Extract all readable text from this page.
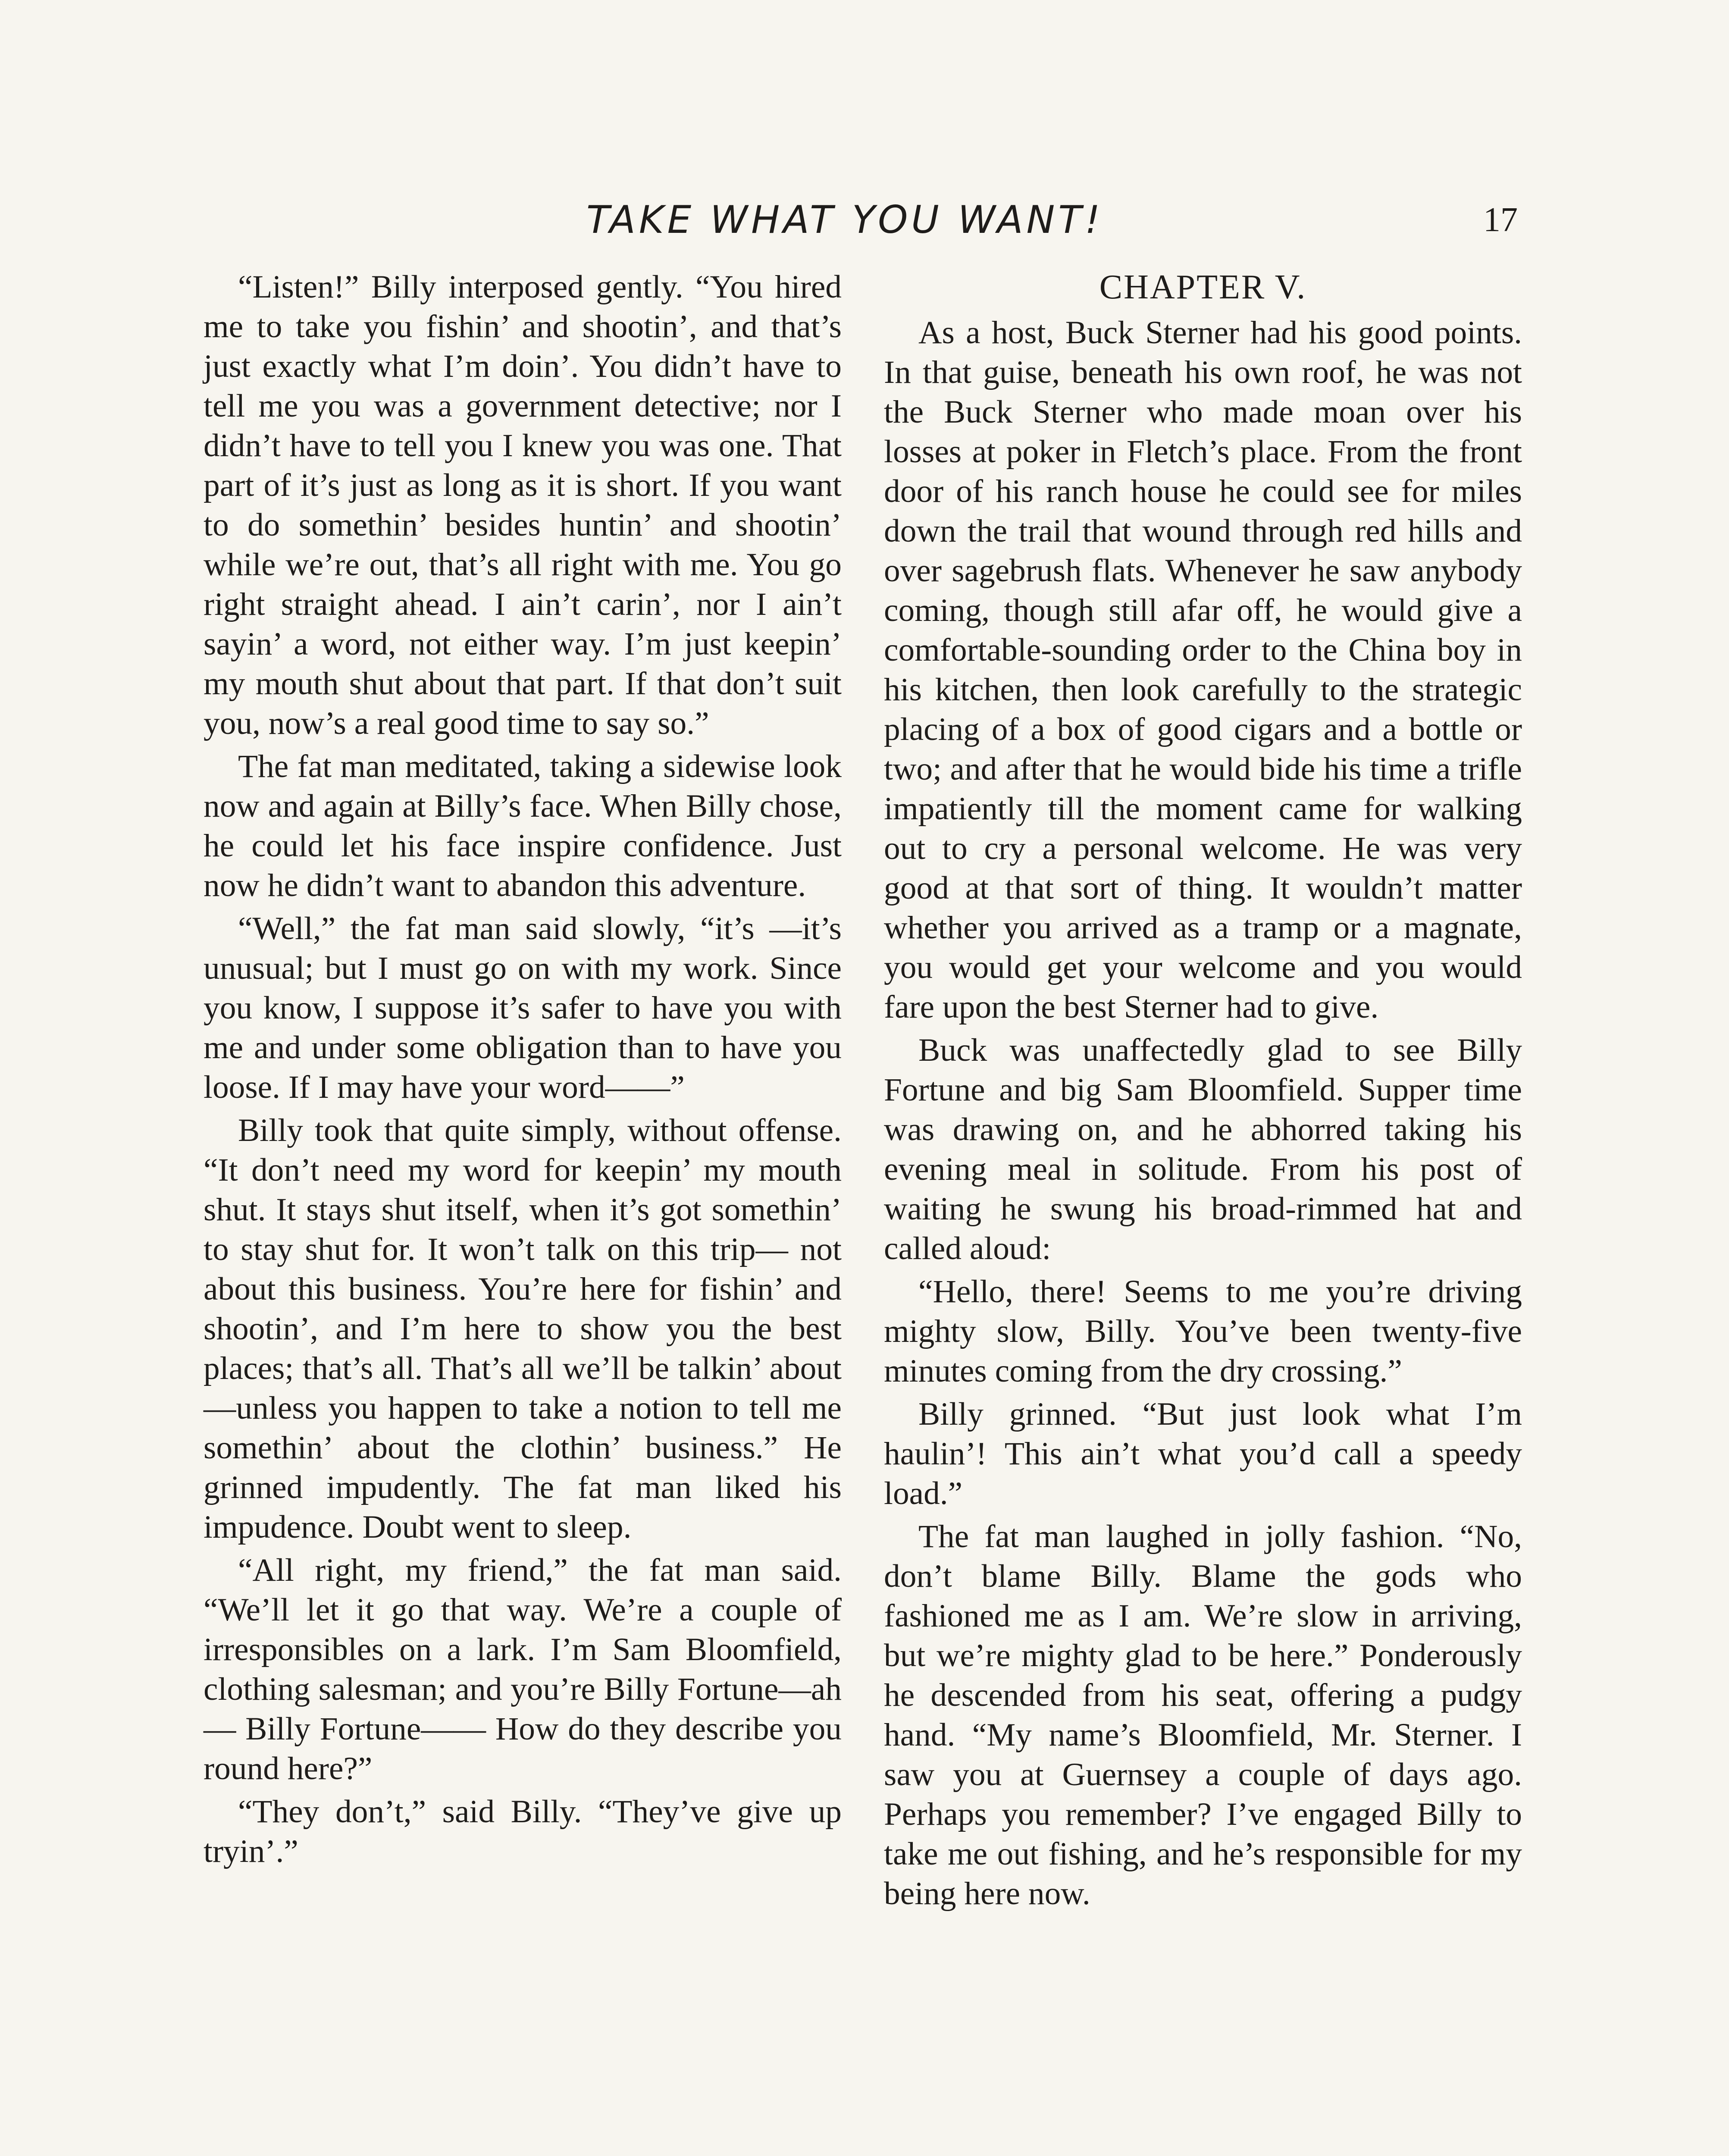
TAKE WHAT YOU WANT!	17

“Listen!” Billy interposed gently. “You hired me to take you fishin’ and shootin’, and that’s just exactly what I’m doin’. You didn’t have to tell me you was a government detective; nor I didn’t have to tell you I knew you was one. That part of it’s just as long as it is short. If you want to do somethin’ besides huntin’ and shootin’ while we’re out, that’s all right with me. You go right straight ahead. I ain’t carin’, nor I ain’t sayin’ a word, not either way. I’m just keepin’ my mouth shut about that part. If that don’t suit you, now’s a real good time to say so.”

The fat man meditated, taking a sidewise look now and again at Billy’s face. When Billy chose, he could let his face inspire confidence. Just now he didn’t want to abandon this adventure.

“Well,” the fat man said slowly, “it’s —it’s unusual; but I must go on with my work. Since you know, I suppose it’s safer to have you with me and under some obligation than to have you loose. If I may have your word——”

Billy took that quite simply, without offense. “It don’t need my word for keepin’ my mouth shut. It stays shut itself, when it’s got somethin’ to stay shut for. It won’t talk on this trip— not about this business. You’re here for fishin’ and shootin’, and I’m here to show you the best places; that’s all. That’s all we’ll be talkin’ about—unless you happen to take a notion to tell me somethin’ about the clothin’ business.” He grinned impudently. The fat man liked his impudence. Doubt went to sleep.

“All right, my friend,” the fat man said. “We’ll let it go that way. We’re a couple of irresponsibles on a lark. I’m Sam Bloomfield, clothing salesman; and you’re Billy Fortune—ah— Billy Fortune—— How do they describe you round here?”

“They don’t,” said Billy. “They’ve give up tryin’.”

CHAPTER V.

As a host, Buck Sterner had his good points. In that guise, beneath his own roof, he was not the Buck Sterner who made moan over his losses at poker in Fletch’s place. From the front door of his ranch house he could see for miles down the trail that wound through red hills and over sagebrush flats. Whenever he saw anybody coming, though still afar off, he would give a comfortable-sounding order to the China boy in his kitchen, then look carefully to the strategic placing of a box of good cigars and a bottle or two; and after that he would bide his time a trifle impatiently till the moment came for walking out to cry a personal welcome. He was very good at that sort of thing. It wouldn’t matter whether you arrived as a tramp or a magnate, you would get your welcome and you would fare upon the best Sterner had to give.

Buck was unaffectedly glad to see Billy Fortune and big Sam Bloomfield. Supper time was drawing on, and he abhorred taking his evening meal in solitude. From his post of waiting he swung his broad-rimmed hat and called aloud:

“Hello, there! Seems to me you’re driving mighty slow, Billy. You’ve been twenty-five minutes coming from the dry crossing.”

Billy grinned. “But just look what I’m haulin’! This ain’t what you’d call a speedy load.”

The fat man laughed in jolly fashion. “No, don’t blame Billy. Blame the gods who fashioned me as I am. We’re slow in arriving, but we’re mighty glad to be here.” Ponderously he descended from his seat, offering a pudgy hand. “My name’s Bloomfield, Mr. Sterner. I saw you at Guernsey a couple of days ago. Perhaps you remember? I’ve engaged Billy to take me out fishing, and he’s responsible for my being here now.
